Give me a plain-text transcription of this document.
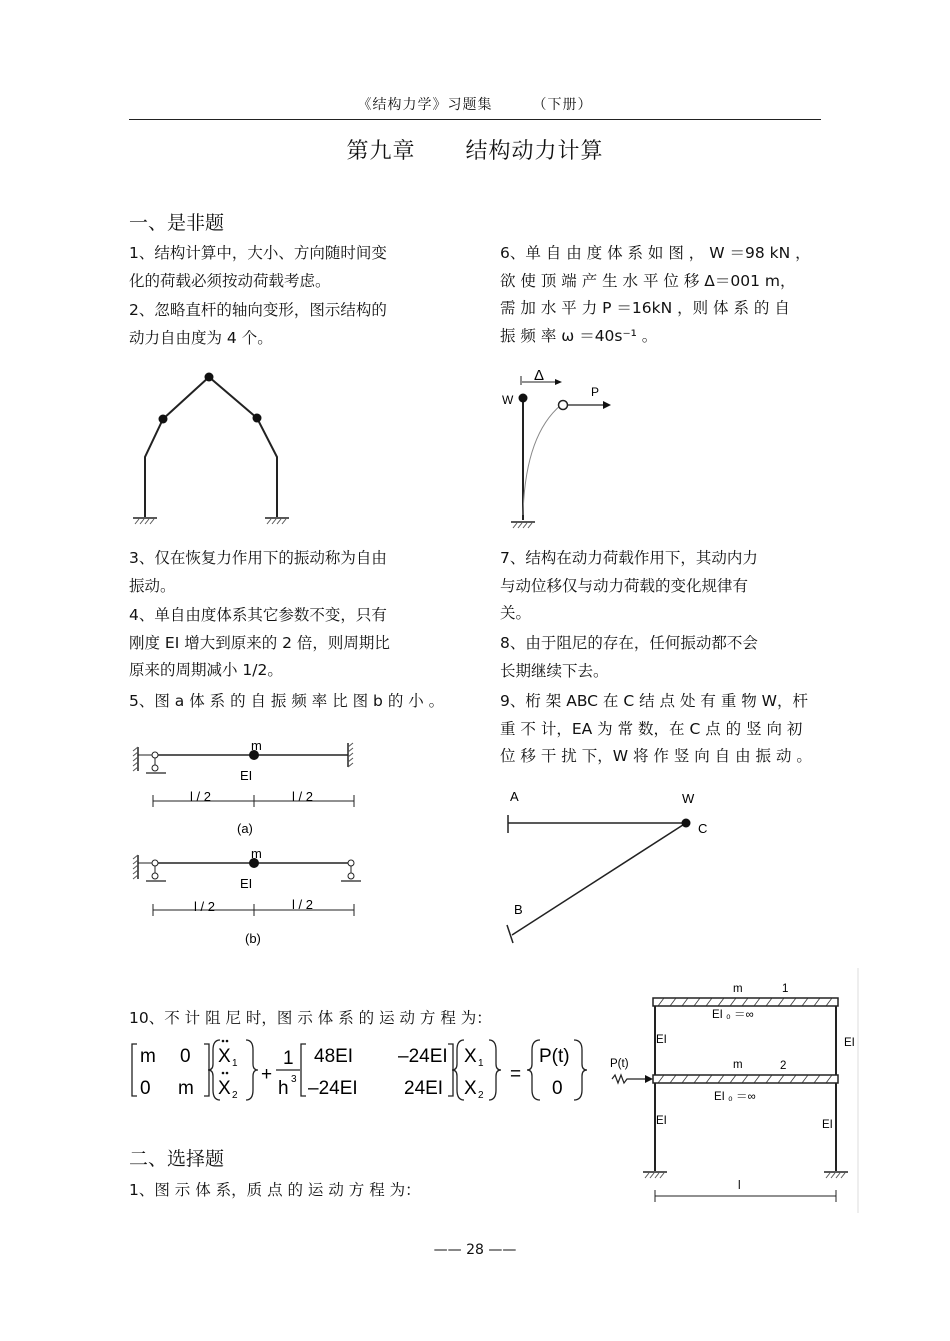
《结构力学》习题集	（下册）
第九章 结构动力计算
一、是非题
1、结构计算中，大小、方向随时间变
化的荷载必须按动荷载考虑。
2、忽略直杆的轴向变形，图示结构的
动力自由度为 4 个。
6、单 自 由 度 体 系 如 图 ， W ＝98 kN ，
欲 使 顶 端 产 生 水 平 位 移 Δ＝001 m，
需 加 水 平 力 P ＝16kN ，则 体 系 的 自
振 频 率 ω ＝40s⁻¹ 。
Δ
W
P
3、仅在恢复力作用下的振动称为自由
振动。
4、单自由度体系其它参数不变，只有
刚度 EI 增大到原来的 2 倍，则周期比
原来的周期减小 1/2。
5、图 a 体 系 的 自 振 频 率 比 图 b 的 小 。
7、结构在动力荷载作用下，其动内力
与动位移仅与动力荷载的变化规律有
关。
8、由于阻尼的存在，任何振动都不会
长期继续下去。
9、桁 架 ABC 在 C 结 点 处 有 重 物 W，杆
重 不 计，EA 为 常 数，在 C 点 的 竖 向 初
位 移 干 扰 下，W 将 作 竖 向 自 由 振 动 。
m
EI
l / 2	l / 2
(a)
m
EI
l / 2	l / 2
(b)
A	W
C
B
10、不 计 阻 尼 时，图 示 体 系 的 运 动 方 程 为：
m 0
0 m
X
X
+
1
h
48EI –24EI
–24EI 24EI
X
X
=
P(t)
0
1
2
1
2
3
m	1
EI ₀ ＝∞
EI	EI
P(t)	m	2
EI ₀ ＝∞
EI	EI
l
二、选择题
1、图 示 体 系，质 点 的 运 动 方 程 为：
—— 28 ——
